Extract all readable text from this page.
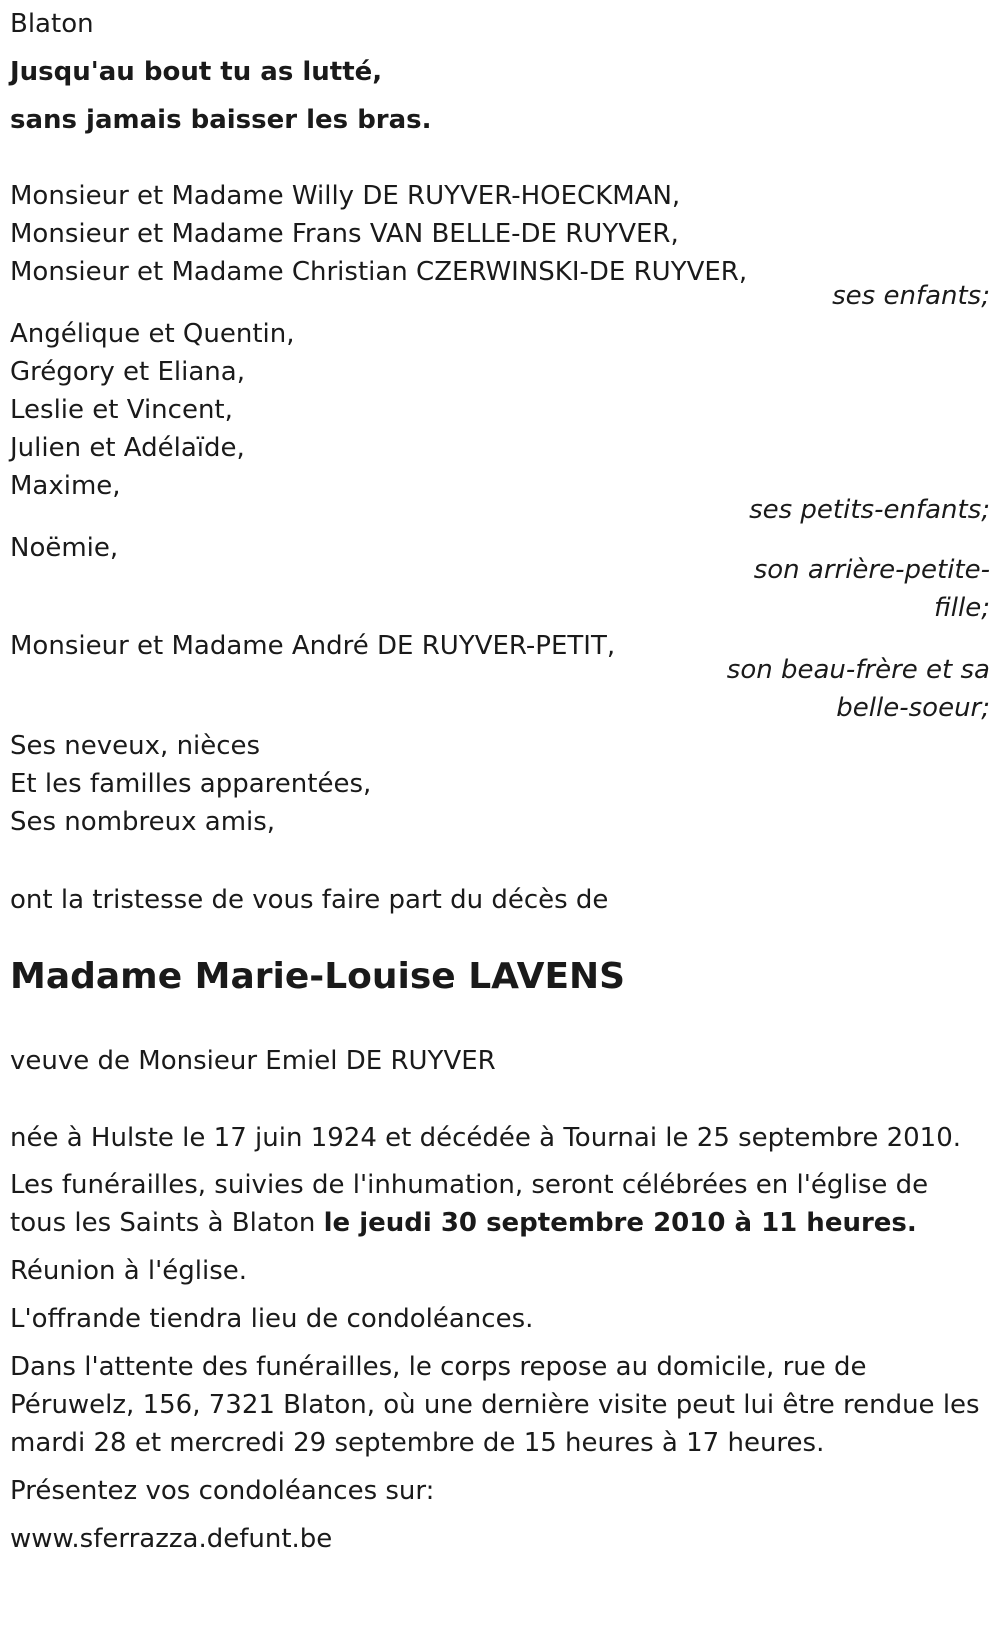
Blaton
Jusqu'au bout tu as lutté,
sans jamais baisser les bras.
Monsieur et Madame Willy DE RUYVER-HOECKMAN,
Monsieur et Madame Frans VAN BELLE-DE RUYVER,
Monsieur et Madame Christian CZERWINSKI-DE RUYVER,
ses enfants;
Angélique et Quentin,
Grégory et Eliana,
Leslie et Vincent,
Julien et Adélaïde,
Maxime,
ses petits-enfants;
Noëmie,
son arrière-petite-
fille;
Monsieur et Madame André DE RUYVER-PETIT,
son beau-frère et sa
belle-soeur;
Ses neveux, nièces
Et les familles apparentées,
Ses nombreux amis,
ont la tristesse de vous faire part du décès de
Madame Marie-Louise LAVENS
veuve de Monsieur Emiel DE RUYVER
née à Hulste le 17 juin 1924 et décédée à Tournai le 25 septembre 2010.
Les funérailles, suivies de l'inhumation, seront célébrées en l'église de
tous les Saints à Blaton le jeudi 30 septembre 2010 à 11 heures.
Réunion à l'église.
L'offrande tiendra lieu de condoléances.
Dans l'attente des funérailles, le corps repose au domicile, rue de
Péruwelz, 156, 7321 Blaton, où une dernière visite peut lui être rendue les
mardi 28 et mercredi 29 septembre de 15 heures à 17 heures.
Présentez vos condoléances sur:
www.sferrazza.defunt.be
